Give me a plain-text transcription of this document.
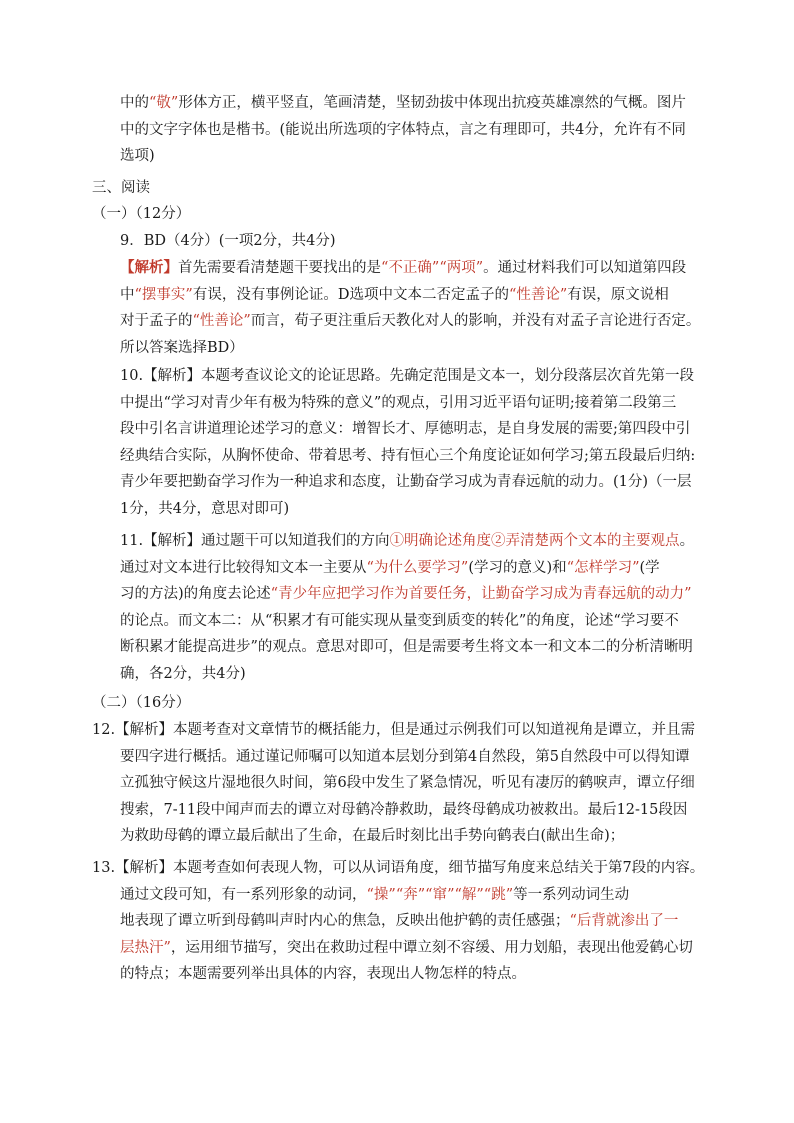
中的“敬”形体方正，横平竖直，笔画清楚，坚韧劲拔中体现出抗疫英雄凛然的气概。图片
中的文字字体也是楷书。(能说出所选项的字体特点，言之有理即可，共4分，允许有不同
选项)
三、阅读
（一）（12分）
9．BD（4分）(一项2分，共4分)
【解析】首先需要看清楚题干要找出的是“不正确”“两项”。通过材料我们可以知道第四段
中“摆事实”有误，没有事例论证。D选项中文本二否定孟子的“性善论”有误，原文说相
对于孟子的“性善论”而言，荀子更注重后天教化对人的影响，并没有对孟子言论进行否定。
所以答案选择BD）
10.【解析】本题考查议论文的论证思路。先确定范围是文本一，划分段落层次首先第一段
中提出“学习对青少年有极为特殊的意义”的观点，引用习近平语句证明;接着第二段第三
段中引名言讲道理论述学习的意义：增智长才、厚德明志，是自身发展的需要;第四段中引
经典结合实际，从胸怀使命、带着思考、持有恒心三个角度论证如何学习;第五段最后归纳:
青少年要把勤奋学习作为一种追求和态度，让勤奋学习成为青春远航的动力。(1分)（一层
1分，共4分，意思对即可)
11.【解析】通过题干可以知道我们的方向①明确论述角度②弄清楚两个文本的主要观点。
通过对文本进行比较得知文本一主要从“为什么要学习”(学习的意义)和“怎样学习”(学
习的方法)的角度去论述“青少年应把学习作为首要任务，让勤奋学习成为青春远航的动力”
的论点。而文本二：从“积累才有可能实现从量变到质变的转化”的角度，论述“学习要不
断积累才能提高进步”的观点。意思对即可，但是需要考生将文本一和文本二的分析清晰明
确，各2分，共4分)
（二）（16分）
12.【解析】本题考查对文章情节的概括能力，但是通过示例我们可以知道视角是谭立，并且需
要四字进行概括。通过谨记师嘱可以知道本层划分到第4自然段，第5自然段中可以得知谭
立孤独守候这片湿地很久时间，第6段中发生了紧急情况，听见有凄厉的鹤唳声，谭立仔细
搜索，7-11段中闻声而去的谭立对母鹤冷静救助，最终母鹤成功被救出。最后12-15段因
为救助母鹤的谭立最后献出了生命，在最后时刻比出手势向鹤表白(献出生命)；
13.【解析】本题考查如何表现人物，可以从词语角度，细节描写角度来总结关于第7段的内容。
通过文段可知，有一系列形象的动词，“操”“奔”“窜”“解”“跳”等一系列动词生动
地表现了谭立听到母鹤叫声时内心的焦急，反映出他护鹤的责任感强；“后背就渗出了一
层热汗”，运用细节描写，突出在救助过程中谭立刻不容缓、用力划船，表现出他爱鹤心切
的特点；本题需要列举出具体的内容，表现出人物怎样的特点。
